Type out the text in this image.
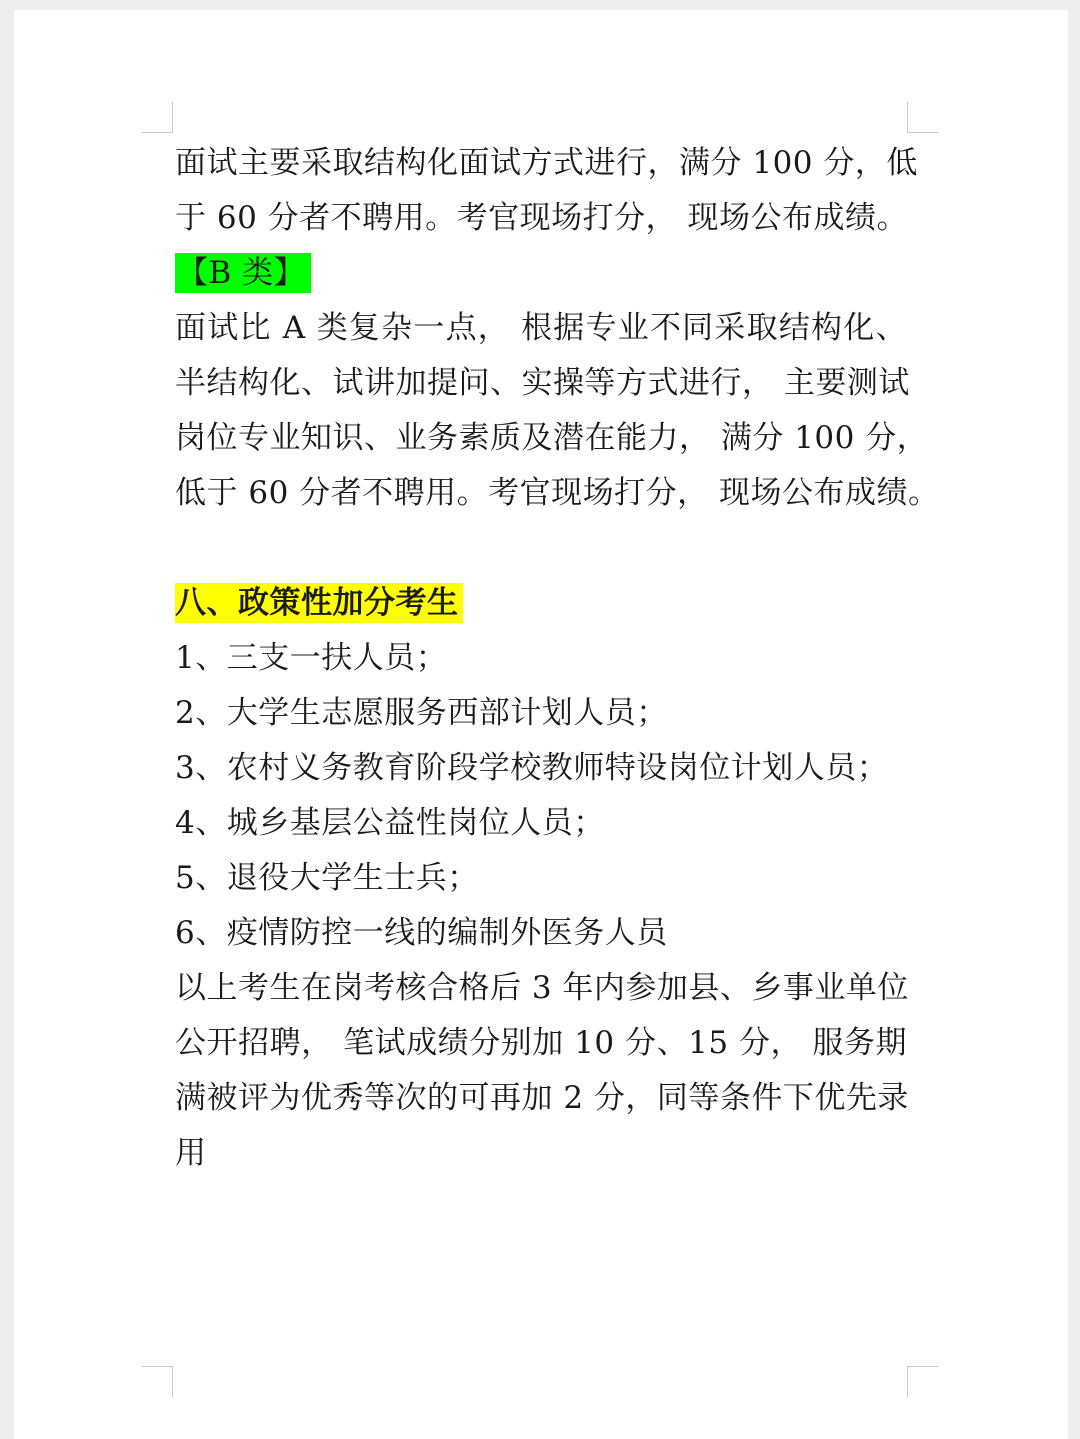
面试主要采取结构化面试方式进行，满分 100 分，低
于 60 分者不聘用。考官现场打分， 现场公布成绩。
【B 类】
面试比 A 类复杂一点， 根据专业不同采取结构化、
半结构化、试讲加提问、实操等方式进行， 主要测试
岗位专业知识、业务素质及潜在能力， 满分 100 分，
低于 60 分者不聘用。考官现场打分， 现场公布成绩。
八、政策性加分考生
1、三支一扶人员；
2、大学生志愿服务西部计划人员；
3、农村义务教育阶段学校教师特设岗位计划人员；
4、城乡基层公益性岗位人员；
5、退役大学生士兵；
6、疫情防控一线的编制外医务人员
以上考生在岗考核合格后 3 年内参加县、乡事业单位
公开招聘， 笔试成绩分别加 10 分、15 分， 服务期
满被评为优秀等次的可再加 2 分，同等条件下优先录
用
